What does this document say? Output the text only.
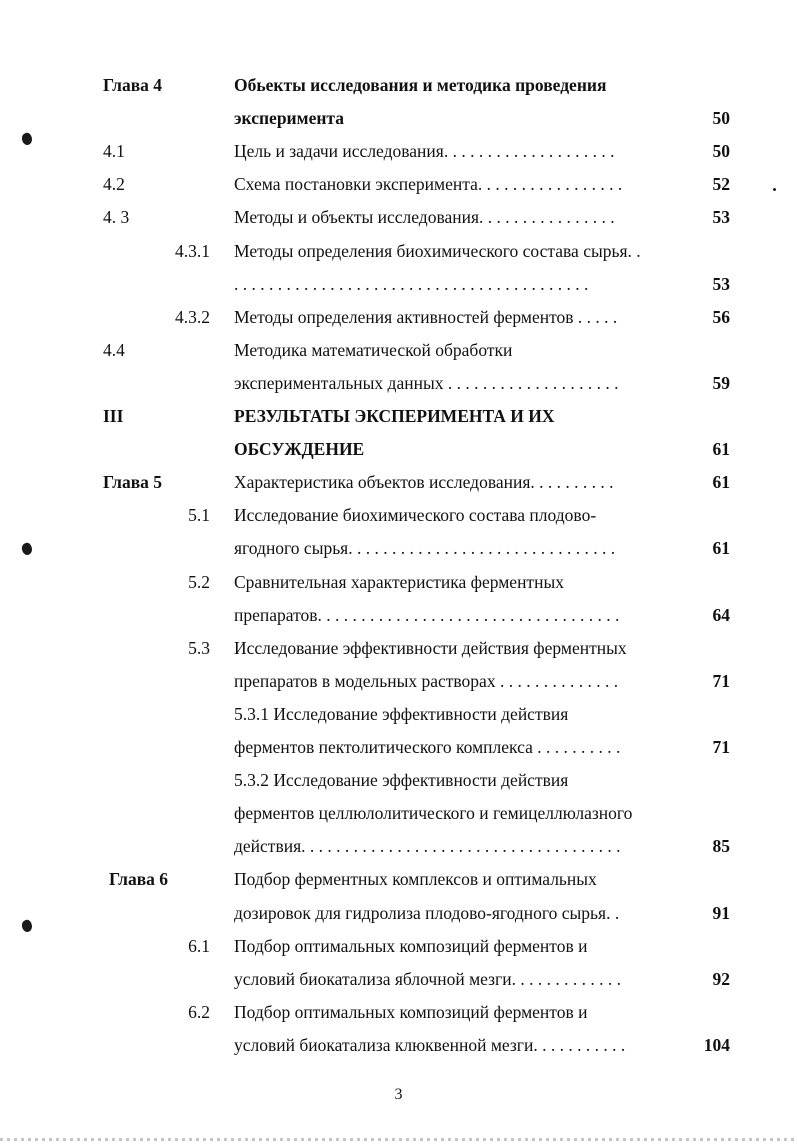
Глава 4	Обьекты исследования и методика проведения
эксперимента	50
4.1	Цель и задачи исследования. . . . . . . . . . . . . . . . . . . .	50
4.2	Схема постановки эксперимента. . . . . . . . . . . . . . . . .	52
4. 3	Методы и объекты исследования. . . . . . . . . . . . . . . .	53
4.3.1 Методы определения биохимического состава сырья. .
. . . . . . . . . . . . . . . . . . . . . . . . . . . . . . . . . . . . . . . . .	53
4.3.2 Методы определения активностей ферментов . . . . .	56
4.4	Методика математической обработки
экспериментальных данных . . . . . . . . . . . . . . . . . . . .	59
III	РЕЗУЛЬТАТЫ ЭКСПЕРИМЕНТА И ИХ
ОБСУЖДЕНИЕ	61
Глава 5	Характеристика объектов исследования. . . . . . . . . .	61
5.1 Исследование биохимического состава плодово-
ягодного сырья. . . . . . . . . . . . . . . . . . . . . . . . . . . . . . .	61
5.2 Сравнительная характеристика ферментных
препаратов. . . . . . . . . . . . . . . . . . . . . . . . . . . . . . . . . . .	64
5.3 Исследование эффективности действия ферментных
препаратов в модельных растворах . . . . . . . . . . . . . .	71
5.3.1 Исследование эффективности действия
ферментов пектолитического комплекса . . . . . . . . . .	71
5.3.2 Исследование эффективности действия
ферментов целлюлолитического и гемицеллюлазного
действия. . . . . . . . . . . . . . . . . . . . . . . . . . . . . . . . . . . . .	85
Глава 6	Подбор ферментных комплексов и оптимальных
дозировок для гидролиза плодово-ягодного сырья. .	91
6.1 Подбор оптимальных композиций ферментов и
условий биокатализа яблочной мезги. . . . . . . . . . . . .	92
6.2 Подбор оптимальных композиций ферментов и
условий биокатализа клюквенной мезги. . . . . . . . . . .	104
3
